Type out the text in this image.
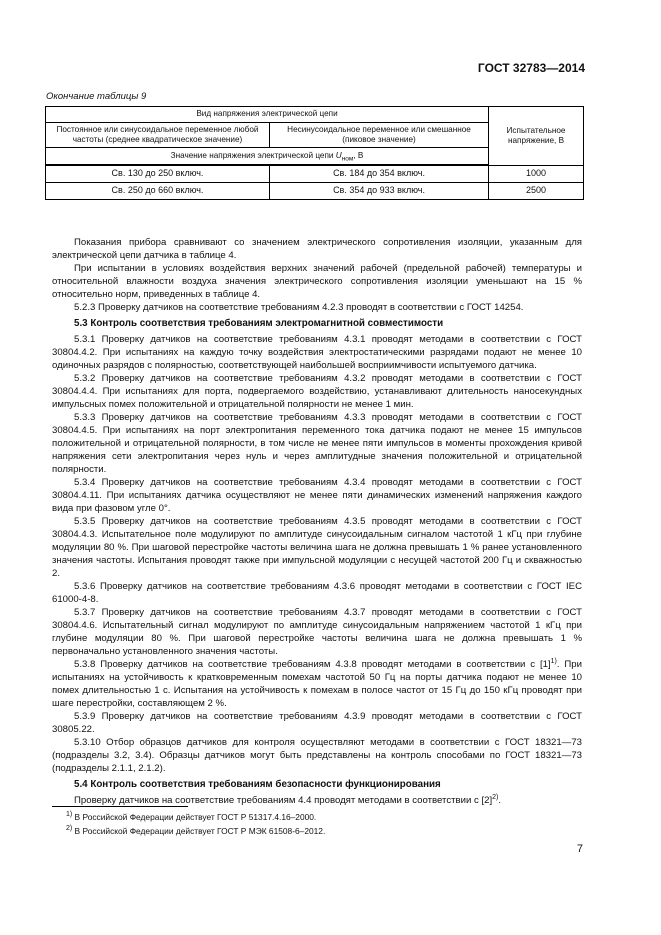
ГОСТ 32783—2014
Окончание таблицы 9
Вид напряжения электрической цепи		Испытательное напряжение, В
Постоянное или синусоидальное переменное любой частоты (среднее квадратическое значение)	Несинусоидальное переменное или смешанное (пиковое значение)	
Значение напряжения электрической цепи $U_{ном}$, В		
Св. 130 до 250 включ.	Св. 184 до 354 включ.	1000
Св. 250 до 660 включ.	Св. 354 до 933 включ.	2500

Показания прибора сравнивают со значением электрического сопротивления изоляции, указанным для электрической цепи датчика в таблице 4.

При испытании в условиях воздействия верхних значений рабочей (предельной рабочей) температуры и относительной влажности воздуха значения электрического сопротивления изоляции уменьшают на 15 % относительно норм, приведенных в таблице 4.

5.2.3 Проверку датчиков на соответствие требованиям 4.2.3 проводят в соответствии с ГОСТ 14254.

5.3 Контроль соответствия требованиям электромагнитной совместимости

5.3.1 Проверку датчиков на соответствие требованиям 4.3.1 проводят методами в соответствии с ГОСТ 30804.4.2. При испытаниях на каждую точку воздействия электростатическими разрядами подают не менее 10 одиночных разрядов с полярностью, соответствующей наибольшей восприимчивости испытуемого датчика.

5.3.2 Проверку датчиков на соответствие требованиям 4.3.2 проводят методами в соответствии с ГОСТ 30804.4.4. При испытаниях для порта, подвергаемого воздействию, устанавливают длительность наносекундных импульсных помех положительной и отрицательной полярности не менее 1 мин.

5.3.3 Проверку датчиков на соответствие требованиям 4.3.3 проводят методами в соответствии с ГОСТ 30804.4.5. При испытаниях на порт электропитания переменного тока датчика подают не менее 15 импульсов положительной и отрицательной полярности, в том числе не менее пяти импульсов в моменты прохождения кривой напряжения сети электропитания через нуль и через амплитудные значения положительной и отрицательной полярности.

5.3.4 Проверку датчиков на соответствие требованиям 4.3.4 проводят методами в соответствии с ГОСТ 30804.4.11. При испытаниях датчика осуществляют не менее пяти динамических изменений напряжения каждого вида при фазовом угле 0°.

5.3.5 Проверку датчиков на соответствие требованиям 4.3.5 проводят методами в соответствии с ГОСТ 30804.4.3. Испытательное поле модулируют по амплитуде синусоидальным сигналом частотой 1 кГц при глубине модуляции 80 %. При шаговой перестройке частоты величина шага не должна превышать 1 % ранее установленного значения частоты. Испытания проводят также при импульсной модуляции с несущей частотой 200 Гц и скважностью 2.

5.3.6 Проверку датчиков на соответствие требованиям 4.3.6 проводят методами в соответствии с ГОСТ IEC 61000-4-8.

5.3.7 Проверку датчиков на соответствие требованиям 4.3.7 проводят методами в соответствии с ГОСТ 30804.4.6. Испытательный сигнал модулируют по амплитуде синусоидальным напряжением частотой 1 кГц при глубине модуляции 80 %. При шаговой перестройке частоты величина шага не должна превышать 1 % первоначально установленного значения частоты.

5.3.8 Проверку датчиков на соответствие требованиям 4.3.8 проводят методами в соответствии с $[1]^{1)}$. При испытаниях на устойчивость к кратковременным помехам частотой 50 Гц на порты датчика подают не менее 10 помех длительностью 1 с. Испытания на устойчивость к помехам в полосе частот от 15 Гц до 150 кГц проводят при шаге перестройки, составляющем 2 %.

5.3.9 Проверку датчиков на соответствие требованиям 4.3.9 проводят методами в соответствии с ГОСТ 30805.22.

5.3.10 Отбор образцов датчиков для контроля осуществляют методами в соответствии с ГОСТ 18321—73 (подразделы 3.2, 3.4). Образцы датчиков могут быть представлены на контроль способами по ГОСТ 18321—73 (подразделы 2.1.1, 2.1.2).

5.4 Контроль соответствия требованиям безопасности функционирования

Проверку датчиков на соответствие требованиям 4.4 проводят методами в соответствии с $[2]^{2)}$.

$^{1)}$ В Российской Федерации действует ГОСТ Р 51317.4.16–2000.
$^{2)}$ В Российской Федерации действует ГОСТ Р МЭК 61508-6–2012.
7
